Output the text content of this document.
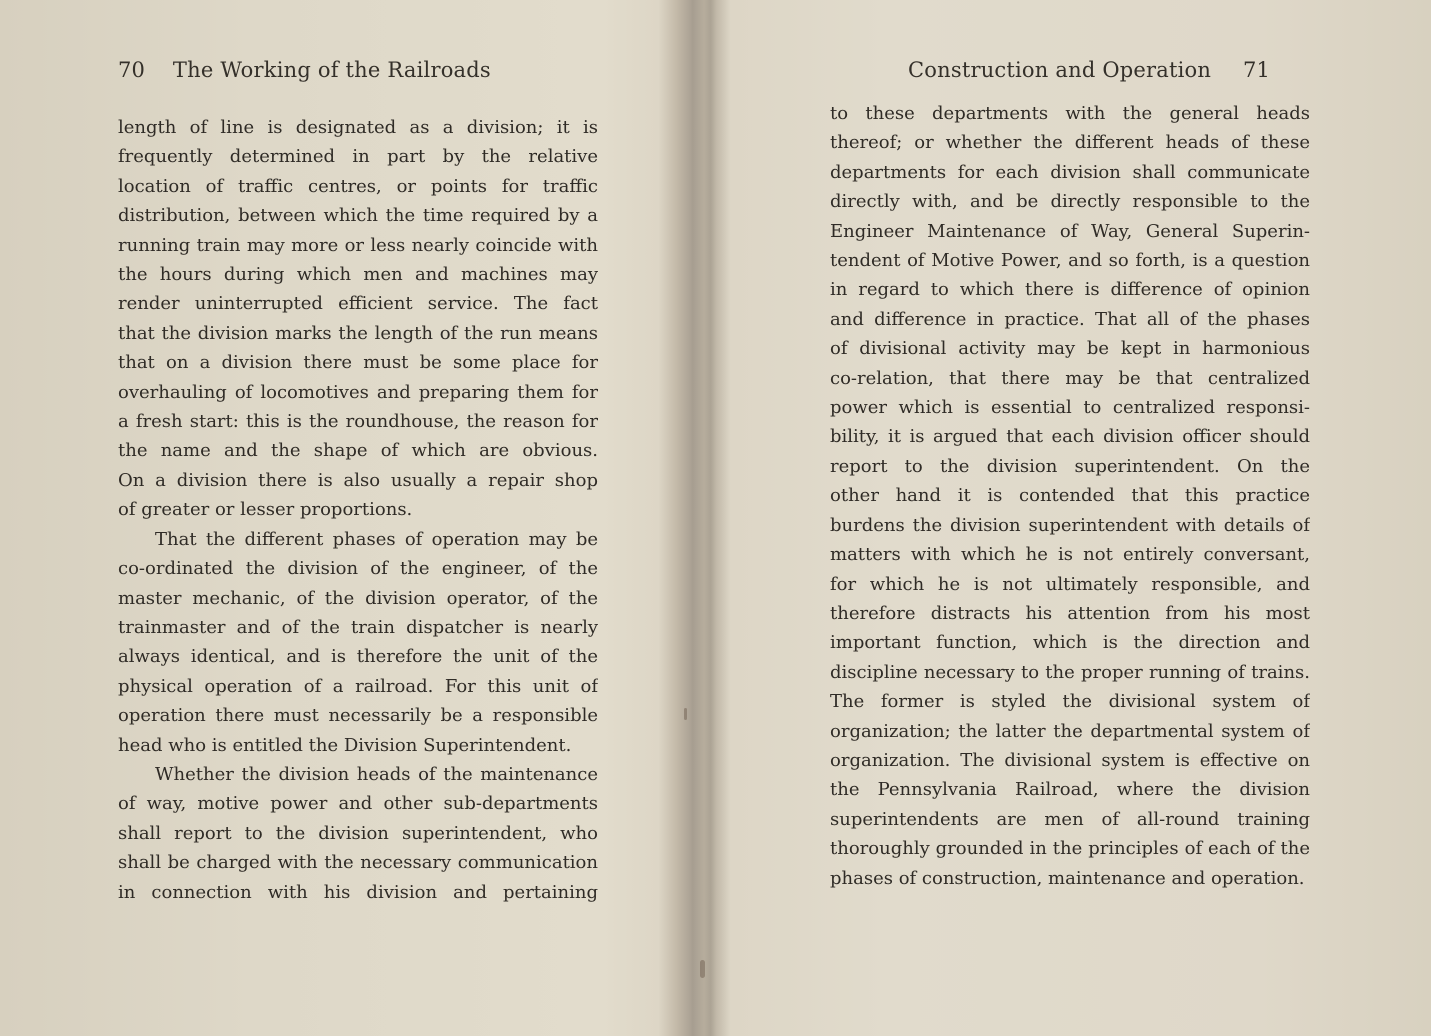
70 The Working of the Railroads
length of line is designated as a division; it is
frequently determined in part by the relative
location of traffic centres, or points for traffic
distribution, between which the time required by a
running train may more or less nearly coincide with
the hours during which men and machines may
render uninterrupted efficient service. The fact
that the division marks the length of the run means
that on a division there must be some place for
overhauling of locomotives and preparing them for
a fresh start: this is the roundhouse, the reason for
the name and the shape of which are obvious.
On a division there is also usually a repair shop
of greater or lesser proportions.
That the different phases of operation may be
co-ordinated the division of the engineer, of the
master mechanic, of the division operator, of the
trainmaster and of the train dispatcher is nearly
always identical, and is therefore the unit of the
physical operation of a railroad. For this unit of
operation there must necessarily be a responsible
head who is entitled the Division Superintendent.
Whether the division heads of the maintenance
of way, motive power and other sub-departments
shall report to the division superintendent, who
shall be charged with the necessary communication
in connection with his division and pertaining
Construction and Operation 71
to these departments with the general heads
thereof; or whether the different heads of these
departments for each division shall communicate
directly with, and be directly responsible to the
Engineer Maintenance of Way, General Superin-
tendent of Motive Power, and so forth, is a question
in regard to which there is difference of opinion
and difference in practice. That all of the phases
of divisional activity may be kept in harmonious
co-relation, that there may be that centralized
power which is essential to centralized responsi-
bility, it is argued that each division officer should
report to the division superintendent. On the
other hand it is contended that this practice
burdens the division superintendent with details of
matters with which he is not entirely conversant,
for which he is not ultimately responsible, and
therefore distracts his attention from his most
important function, which is the direction and
discipline necessary to the proper running of trains.
The former is styled the divisional system of
organization; the latter the departmental system of
organization. The divisional system is effective on
the Pennsylvania Railroad, where the division
superintendents are men of all-round training
thoroughly grounded in the principles of each of the
phases of construction, maintenance and operation.
